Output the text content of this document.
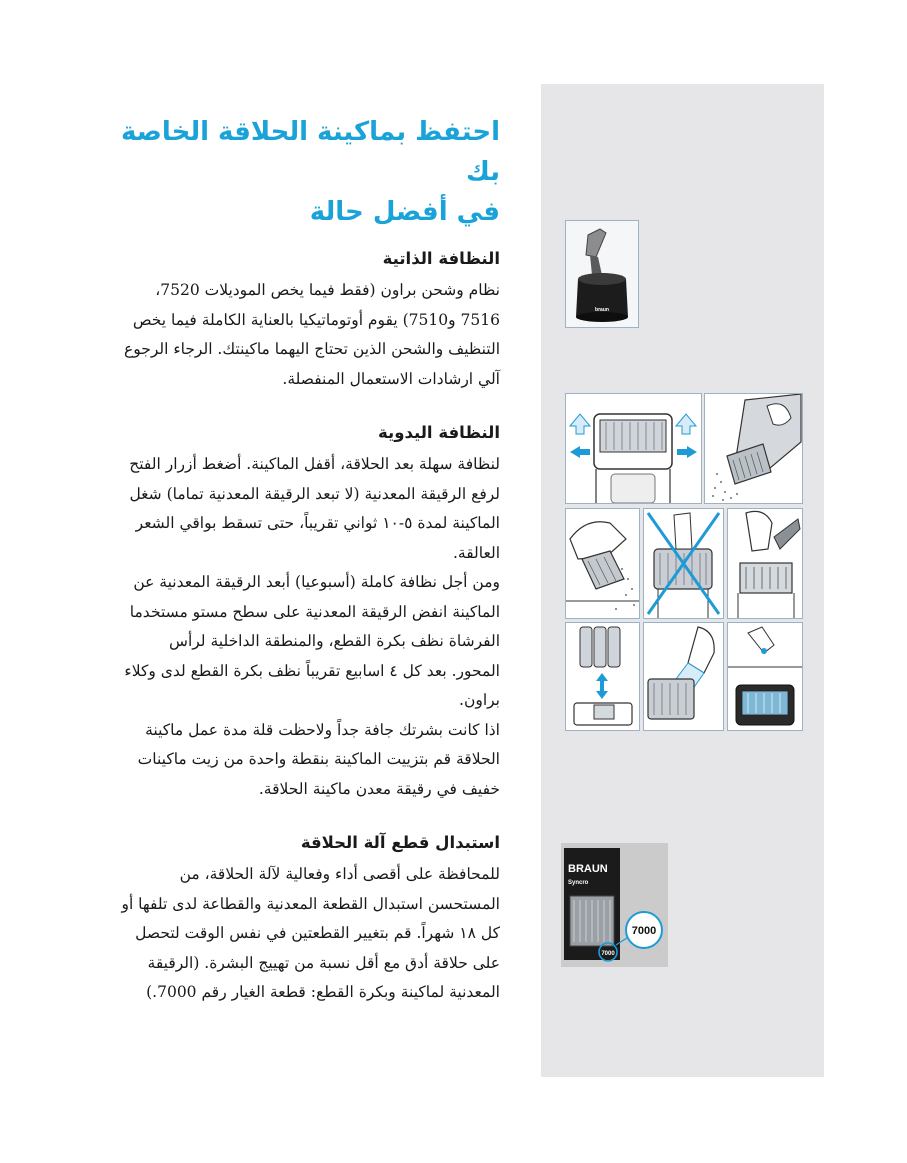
احتفظ بماكينة الحلاقة الخاصة بك
في أفضل حالة
النظافة الذاتية

نظام وشحن براون (فقط فيما يخص الموديلات 7520، 7516 و7510) يقوم أوتوماتيكيا بالعناية الكاملة فيما يخص التنظيف والشحن الذين تحتاج اليهما ماكينتك. الرجاء الرجوع آلي ارشادات الاستعمال المنفصلة.

النظافة اليدوية

لنظافة سهلة بعد الحلاقة، أقفل الماكينة. أضغط أزرار الفتح لرفع الرقيقة المعدنية (لا تبعد الرقيقة المعدنية تماما) شغل الماكينة لمدة ٥-١٠ ثواني تقريباً، حتى تسقط بواقي الشعر العالقة.

ومن أجل نظافة كاملة (أسبوعيا) أبعد الرقيقة المعدنية عن الماكينة انفض الرقيقة المعدنية على سطح مستو مستخدما الفرشاة نظف بكرة القطع، والمنطقة الداخلية لرأس المحور. بعد كل ٤ اسابيع تقريباً نظف بكرة القطع لدى وكلاء براون.

اذا كانت بشرتك جافة جداً ولاحظت قلة مدة عمل ماكينة الحلاقة قم بتزييت الماكينة بنقطة واحدة من زيت ماكينات خفيف في رقيقة معدن ماكينة الحلاقة.

استبدال قطع آلة الحلاقة

للمحافظة على أقصى أداء وفعالية لآلة الحلاقة، من المستحسن استبدال القطعة المعدنية والقطاعة لدى تلفها أو كل ١٨ شهراً. قم بتغيير القطعتين في نفس الوقت لتحصل على حلاقة أدق مع أقل نسبة من تهييج البشرة. (الرقيقة المعدنية لماكينة وبكرة القطع: قطعة الغيار رقم 7000.)

braun
BRAUN
Syncro
7000
7000
